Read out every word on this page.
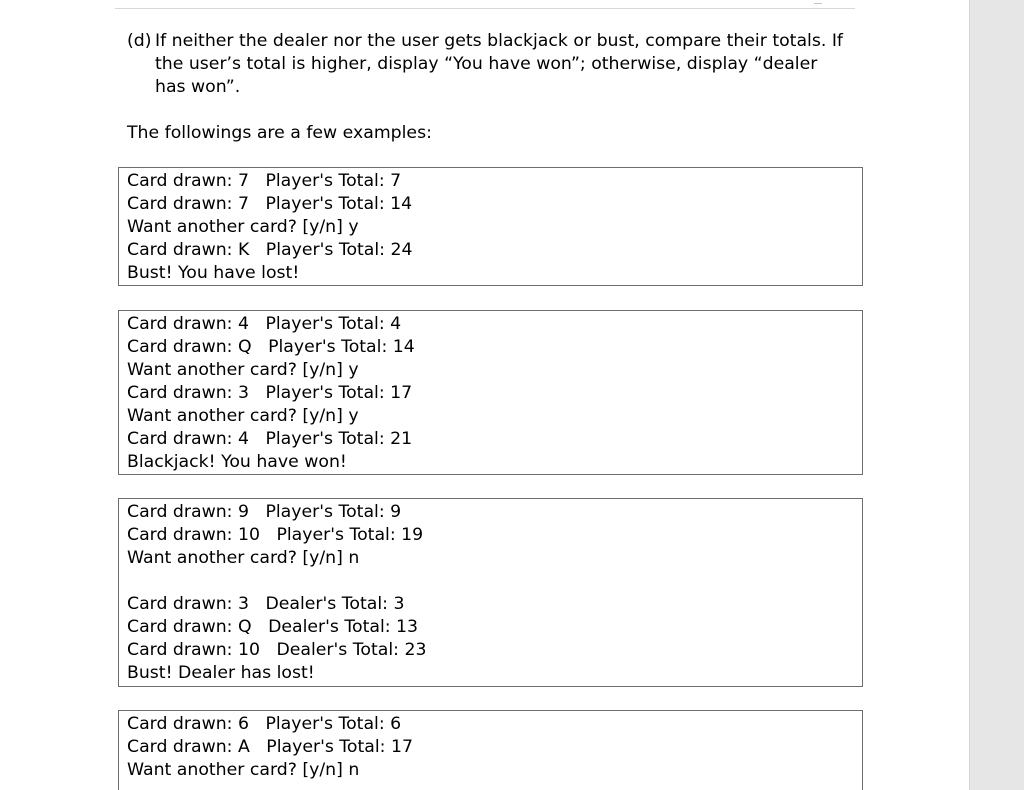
(d) If neither the dealer nor the user gets blackjack or bust, compare their totals. If the user’s total is higher, display “You have won”; otherwise, display “dealer has won”.
The followings are a few examples:
Card drawn: 7   Player's Total: 7
Card drawn: 7   Player's Total: 14
Want another card? [y/n] y
Card drawn: K   Player's Total: 24
Bust! You have lost!
Card drawn: 4   Player's Total: 4
Card drawn: Q   Player's Total: 14
Want another card? [y/n] y
Card drawn: 3   Player's Total: 17
Want another card? [y/n] y
Card drawn: 4   Player's Total: 21
Blackjack! You have won!
Card drawn: 9   Player's Total: 9
Card drawn: 10   Player's Total: 19
Want another card? [y/n] n
Card drawn: 3   Dealer's Total: 3
Card drawn: Q   Dealer's Total: 13
Card drawn: 10   Dealer's Total: 23
Bust! Dealer has lost!
Card drawn: 6   Player's Total: 6
Card drawn: A   Player's Total: 17
Want another card? [y/n] n
